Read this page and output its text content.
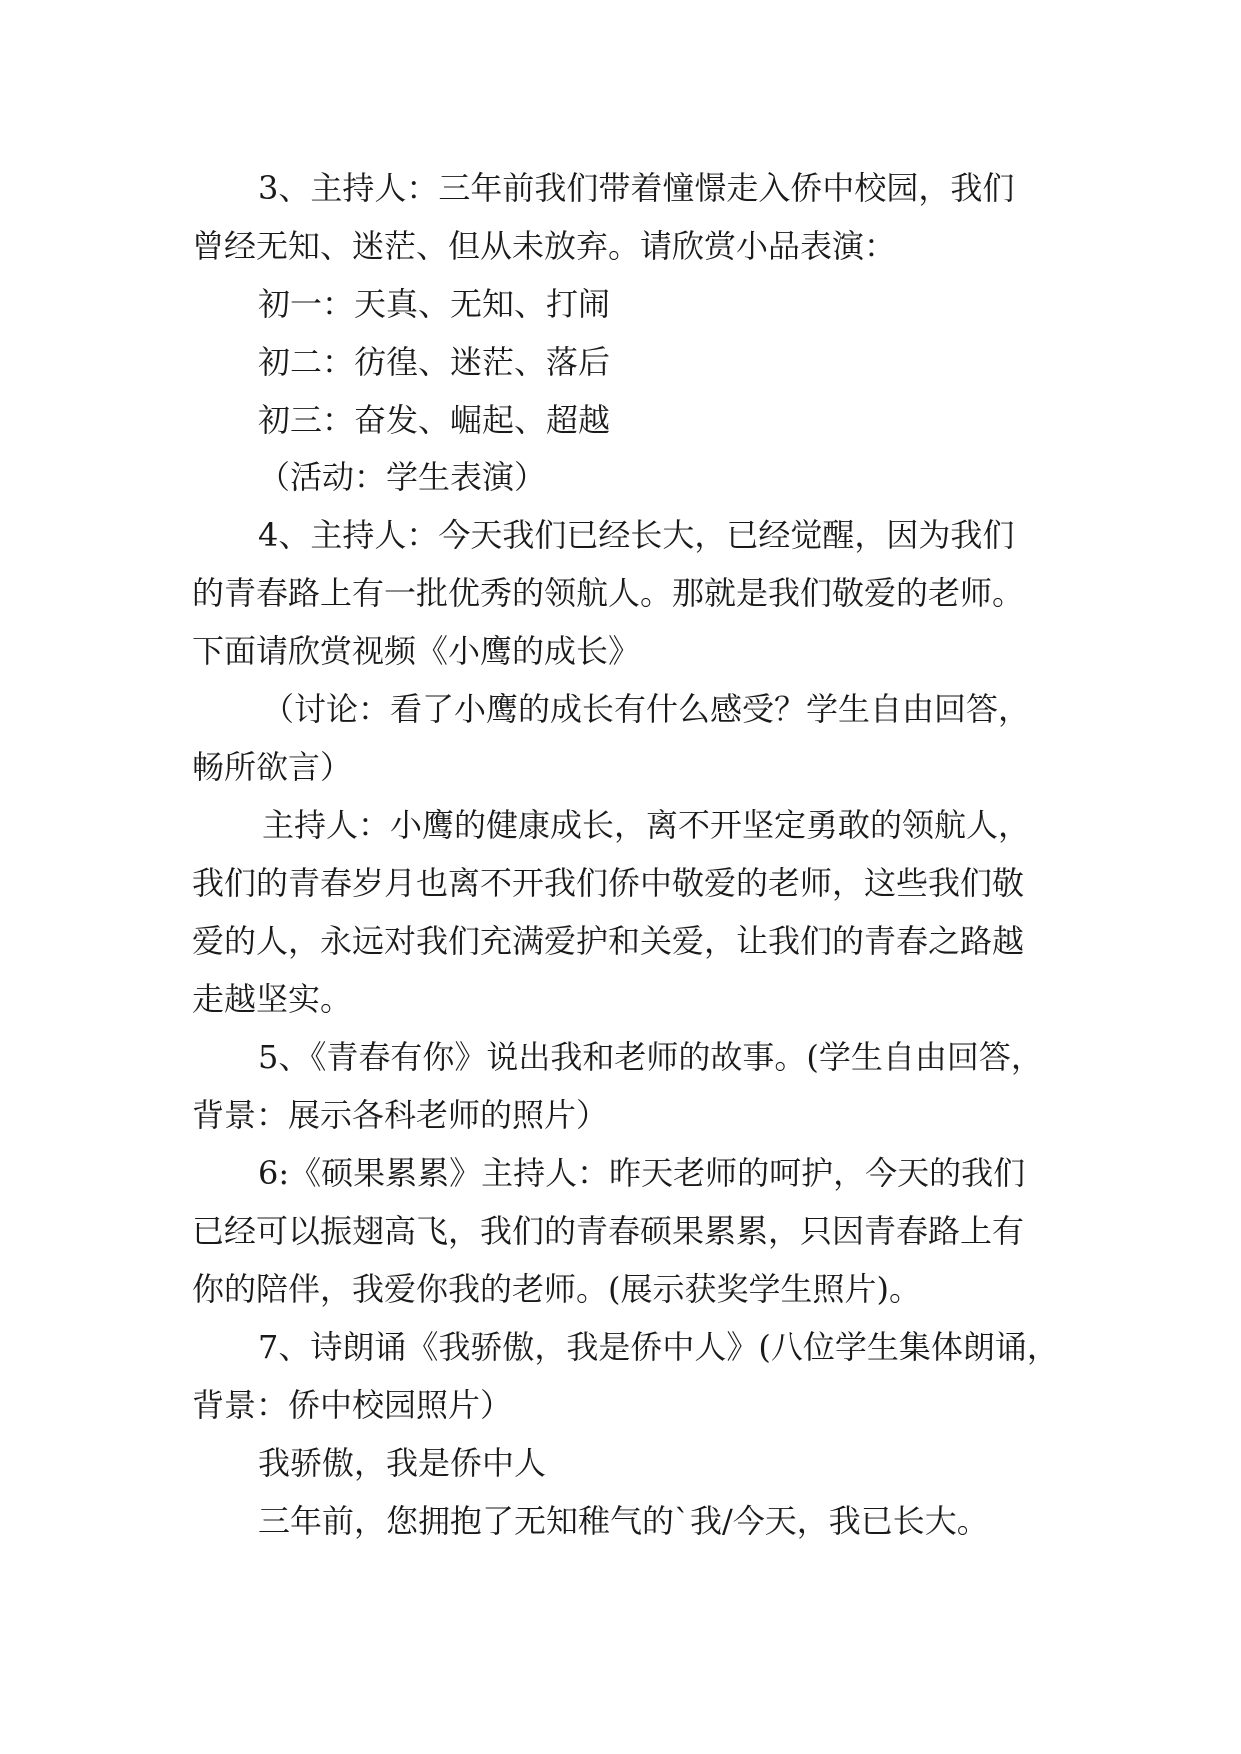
3、主持人：三年前我们带着憧憬走入侨中校园，我们
曾经无知、迷茫、但从未放弃。请欣赏小品表演：
初一：天真、无知、打闹
初二：彷徨、迷茫、落后
初三：奋发、崛起、超越
（活动：学生表演）
4、主持人：今天我们已经长大，已经觉醒，因为我们
的青春路上有一批优秀的领航人。那就是我们敬爱的老师。
下面请欣赏视频《小鹰的成长》
（讨论：看了小鹰的成长有什么感受？学生自由回答，
畅所欲言）
主持人：小鹰的健康成长，离不开坚定勇敢的领航人，
我们的青春岁月也离不开我们侨中敬爱的老师，这些我们敬
爱的人，永远对我们充满爱护和关爱，让我们的青春之路越
走越坚实。
5、《青春有你》说出我和老师的故事。(学生自由回答，
背景：展示各科老师的照片）
6:《硕果累累》主持人：昨天老师的呵护，今天的我们
已经可以振翅高飞，我们的青春硕果累累，只因青春路上有
你的陪伴，我爱你我的老师。(展示获奖学生照片)。
7、诗朗诵《我骄傲，我是侨中人》(八位学生集体朗诵，
背景：侨中校园照片）
我骄傲，我是侨中人
三年前，您拥抱了无知稚气的`我/今天，我已长大。
